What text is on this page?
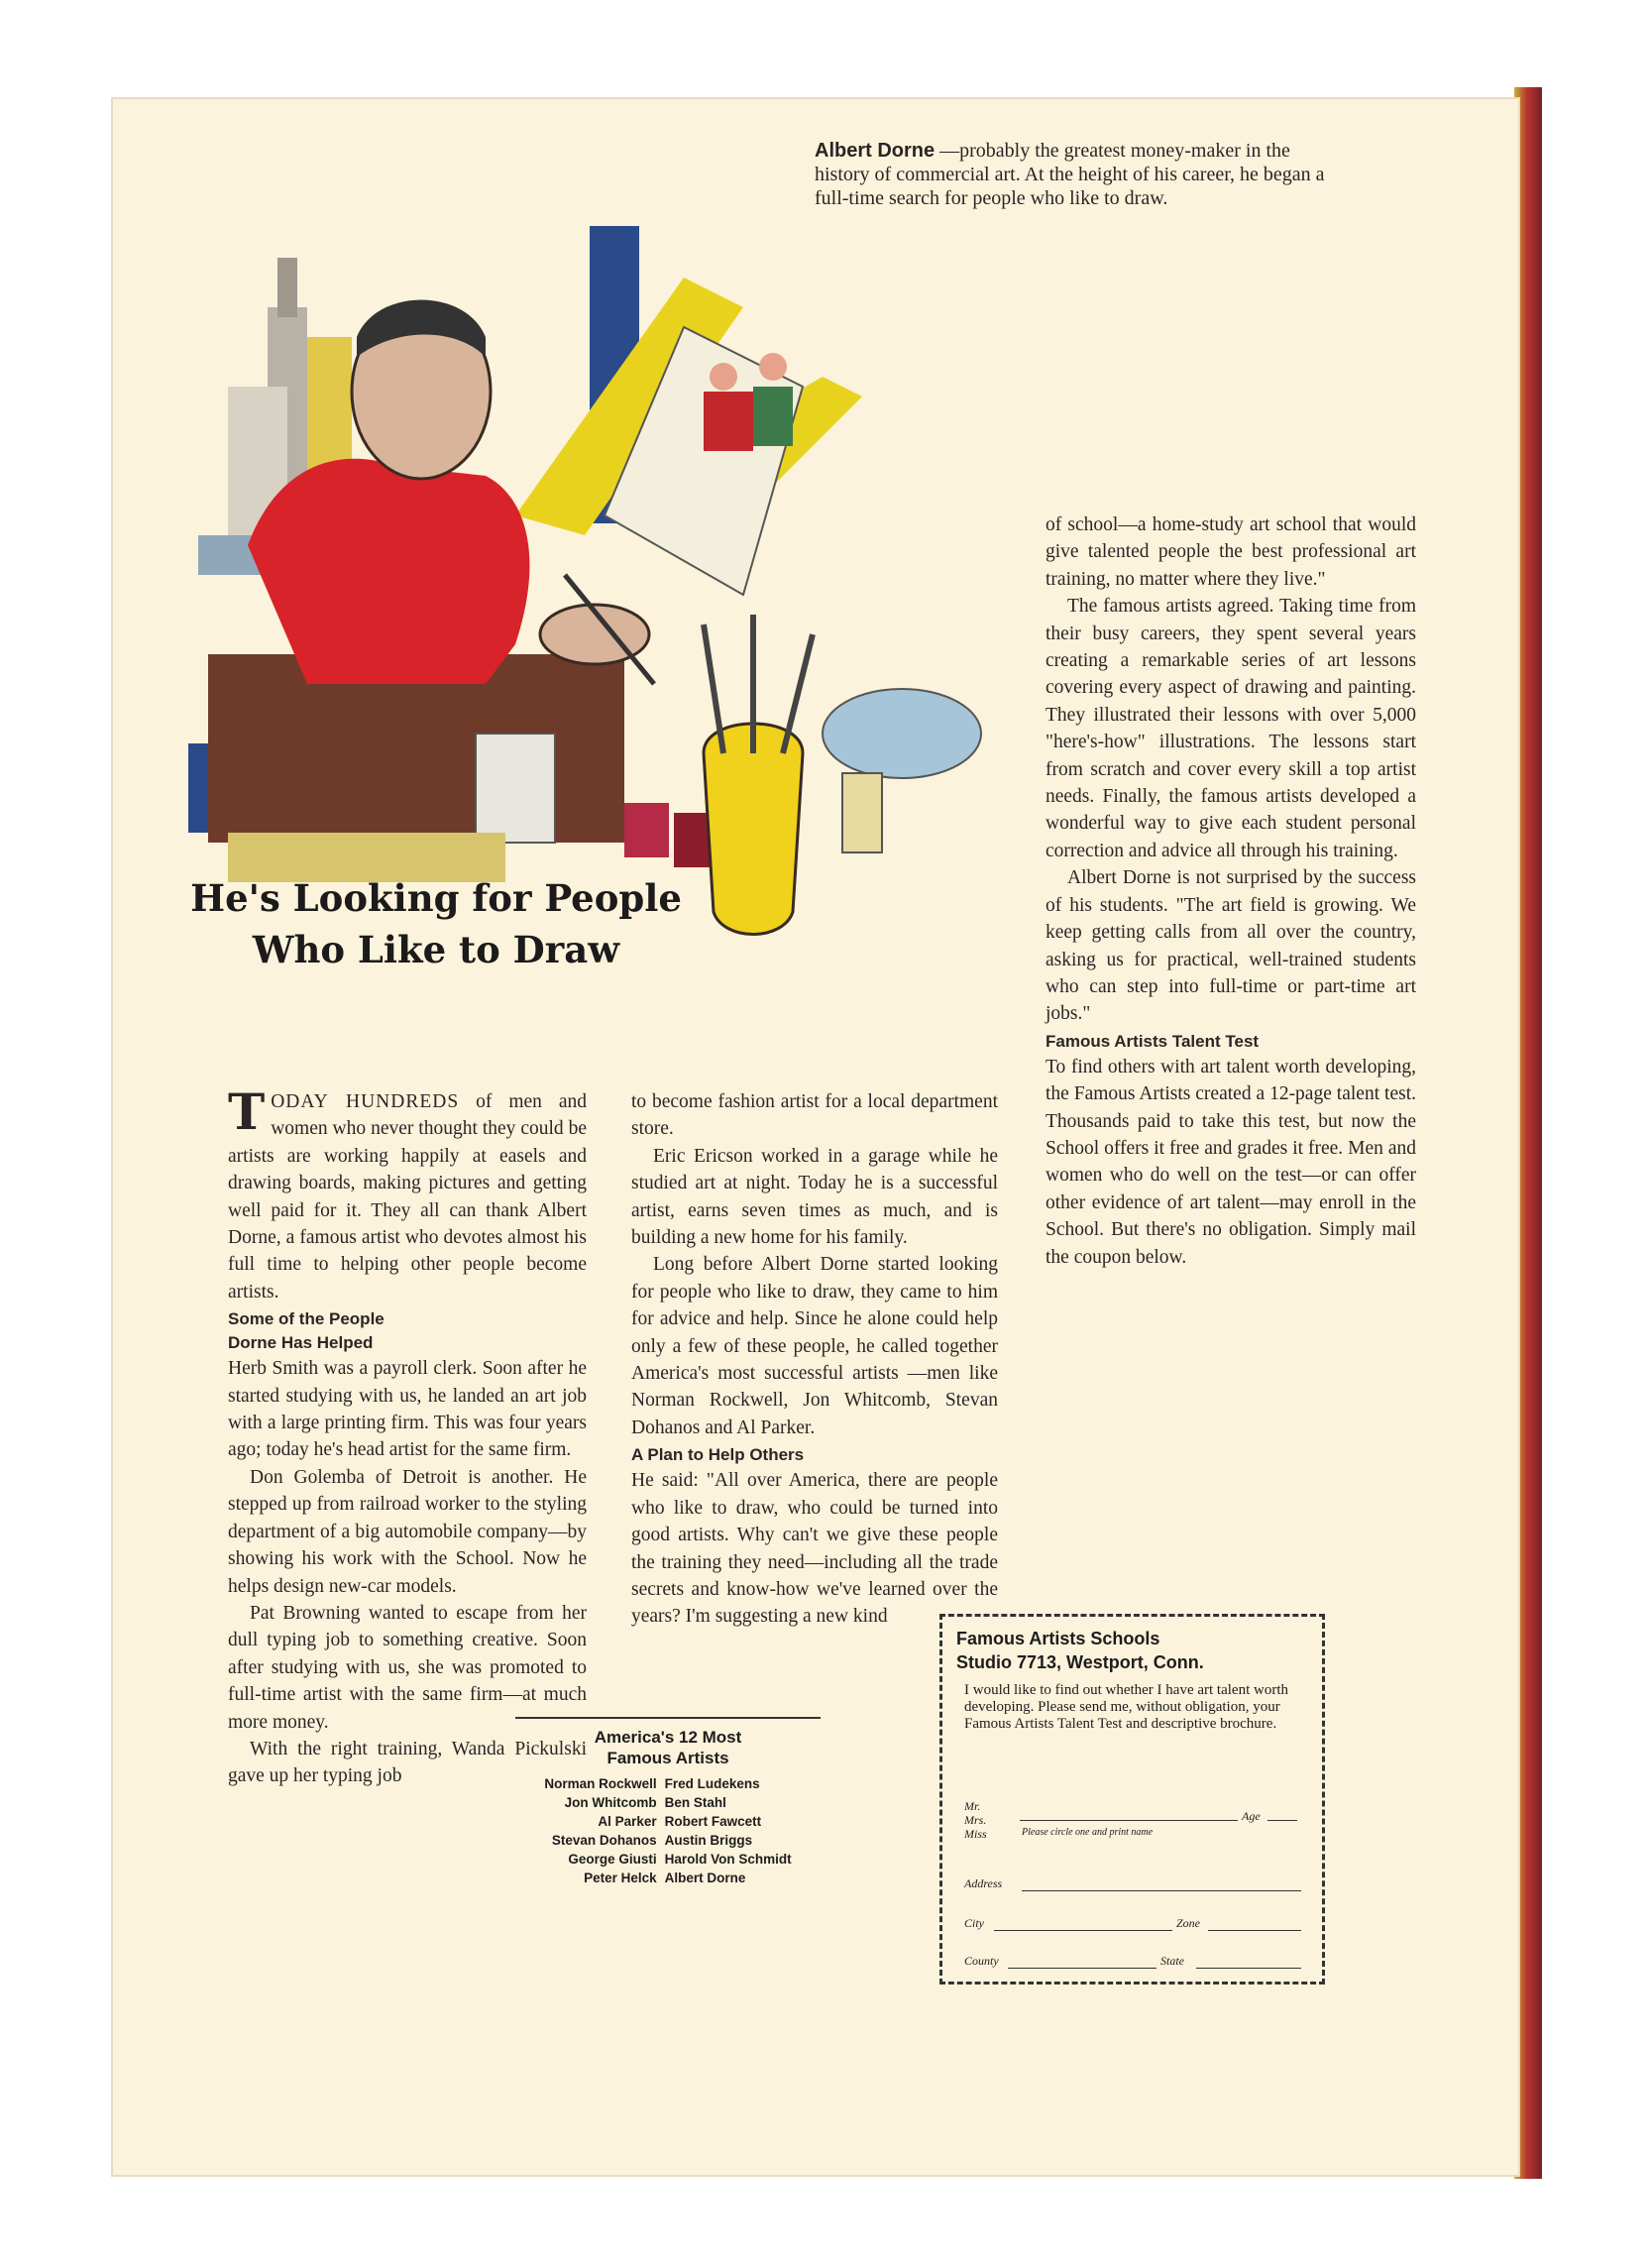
Albert Dorne —probably the greatest money-maker in the history of commercial art. At the height of his career, he began a full-time search for people who like to draw.
He's Looking for People
Who Like to Draw

TODAY HUNDREDS of men and women who never thought they could be artists are working happily at easels and drawing boards, making pictures and getting well paid for it. They all can thank Albert Dorne, a famous artist who devotes almost his full time to helping other people become artists.

Some of the People
Dorne Has Helped

Herb Smith was a payroll clerk. Soon after he started studying with us, he landed an art job with a large printing firm. This was four years ago; today he's head artist for the same firm.

Don Golemba of Detroit is another. He stepped up from railroad worker to the styling department of a big automobile company—by showing his work with the School. Now he helps design new-car models.

Pat Browning wanted to escape from her dull typing job to something creative. Soon after studying with us, she was promoted to full-time artist with the same firm—at much more money.

With the right training, Wanda Pickulski gave up her typing job

to become fashion artist for a local department store.

Eric Ericson worked in a garage while he studied art at night. Today he is a successful artist, earns seven times as much, and is building a new home for his family.

Long before Albert Dorne started looking for people who like to draw, they came to him for advice and help. Since he alone could help only a few of these people, he called together America's most successful artists —men like Norman Rockwell, Jon Whitcomb, Stevan Dohanos and Al Parker.

A Plan to Help Others

He said: "All over America, there are people who like to draw, who could be turned into good artists. Why can't we give these people the training they need—including all the trade secrets and know-how we've learned over the years? I'm suggesting a new kind

America's 12 Most
Famous Artists
Norman Rockwell	Fred Ludekens
Jon Whitcomb	Ben Stahl
Al Parker	Robert Fawcett
Stevan Dohanos	Austin Briggs
George Giusti	Harold Von Schmidt
Peter Helck	Albert Dorne

of school—a home-study art school that would give talented people the best professional art training, no matter where they live."

The famous artists agreed. Taking time from their busy careers, they spent several years creating a remarkable series of art lessons covering every aspect of drawing and painting. They illustrated their lessons with over 5,000 "here's-how" illustrations. The lessons start from scratch and cover every skill a top artist needs. Finally, the famous artists developed a wonderful way to give each student personal correction and advice all through his training.

Albert Dorne is not surprised by the success of his students. "The art field is growing. We keep getting calls from all over the country, asking us for practical, well-trained students who can step into full-time or part-time art jobs."

Famous Artists Talent Test

To find others with art talent worth developing, the Famous Artists created a 12-page talent test. Thousands paid to take this test, but now the School offers it free and grades it free. Men and women who do well on the test—or can offer other evidence of art talent—may enroll in the School. But there's no obligation. Simply mail the coupon below.

Famous Artists Schools
Studio 7713, Westport, Conn.
I would like to find out whether I have art talent worth developing. Please send me, without obligation, your Famous Artists Talent Test and descriptive brochure.
Mr.
Mrs.
Miss
Age
Please circle one and print name
Address
City	Zone
County	State
